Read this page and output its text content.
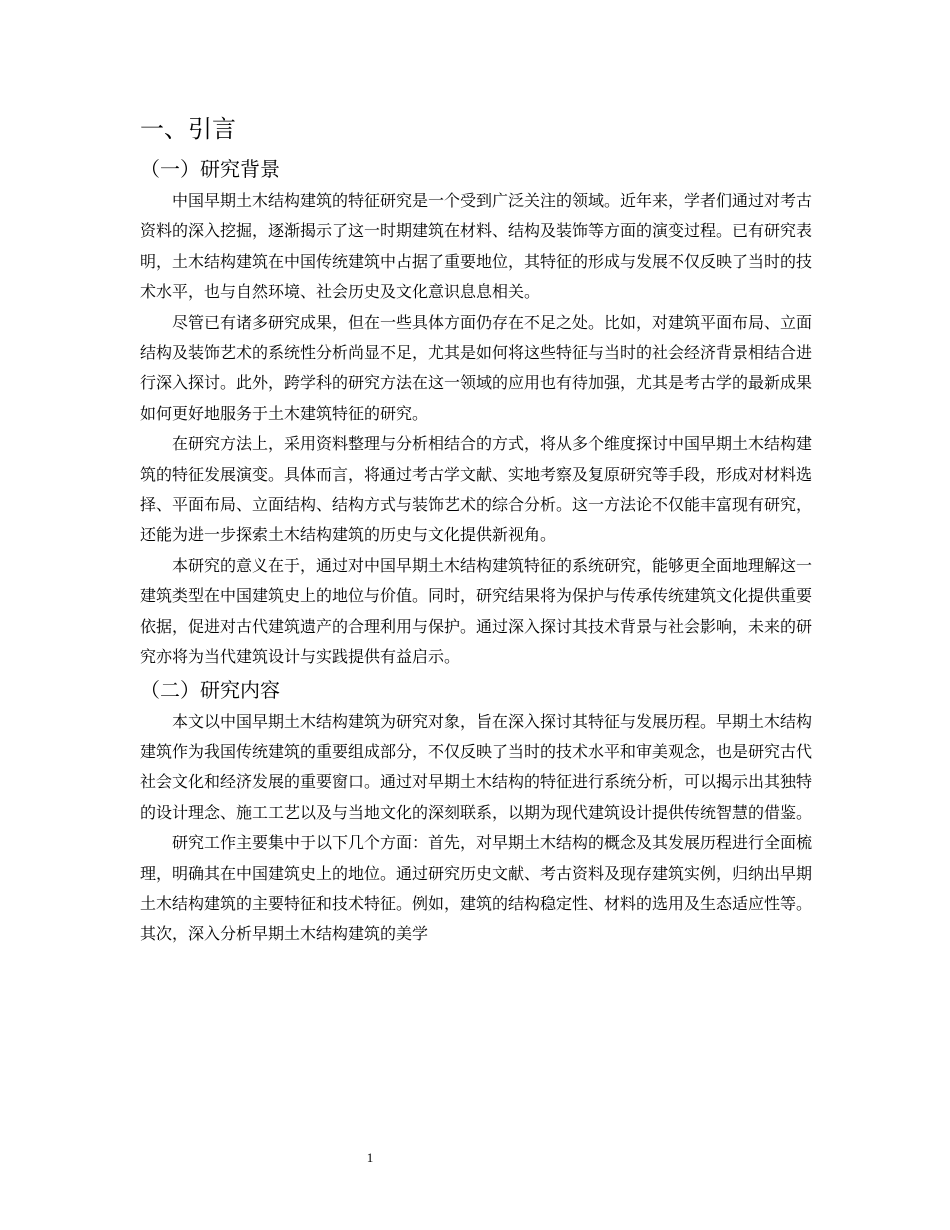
一、引言
（一）研究背景

中国早期土木结构建筑的特征研究是一个受到广泛关注的领域。近年来，学者们通过对考古资料的深入挖掘，逐渐揭示了这一时期建筑在材料、结构及装饰等方面的演变过程。已有研究表明，土木结构建筑在中国传统建筑中占据了重要地位，其特征的形成与发展不仅反映了当时的技术水平，也与自然环境、社会历史及文化意识息息相关。

尽管已有诸多研究成果，但在一些具体方面仍存在不足之处。比如，对建筑平面布局、立面结构及装饰艺术的系统性分析尚显不足，尤其是如何将这些特征与当时的社会经济背景相结合进行深入探讨。此外，跨学科的研究方法在这一领域的应用也有待加强，尤其是考古学的最新成果如何更好地服务于土木建筑特征的研究。

在研究方法上，采用资料整理与分析相结合的方式，将从多个维度探讨中国早期土木结构建筑的特征发展演变。具体而言，将通过考古学文献、实地考察及复原研究等手段，形成对材料选择、平面布局、立面结构、结构方式与装饰艺术的综合分析。这一方法论不仅能丰富现有研究，还能为进一步探索土木结构建筑的历史与文化提供新视角。

本研究的意义在于，通过对中国早期土木结构建筑特征的系统研究，能够更全面地理解这一建筑类型在中国建筑史上的地位与价值。同时，研究结果将为保护与传承传统建筑文化提供重要依据，促进对古代建筑遗产的合理利用与保护。通过深入探讨其技术背景与社会影响，未来的研究亦将为当代建筑设计与实践提供有益启示。

（二）研究内容

本文以中国早期土木结构建筑为研究对象，旨在深入探讨其特征与发展历程。早期土木结构建筑作为我国传统建筑的重要组成部分，不仅反映了当时的技术水平和审美观念，也是研究古代社会文化和经济发展的重要窗口。通过对早期土木结构的特征进行系统分析，可以揭示出其独特的设计理念、施工工艺以及与当地文化的深刻联系，以期为现代建筑设计提供传统智慧的借鉴。

研究工作主要集中于以下几个方面：首先，对早期土木结构的概念及其发展历程进行全面梳理，明确其在中国建筑史上的地位。通过研究历史文献、考古资料及现存建筑实例，归纳出早期土木结构建筑的主要特征和技术特征。例如，建筑的结构稳定性、材料的选用及生态适应性等。其次，深入分析早期土木结构建筑的美学

1
